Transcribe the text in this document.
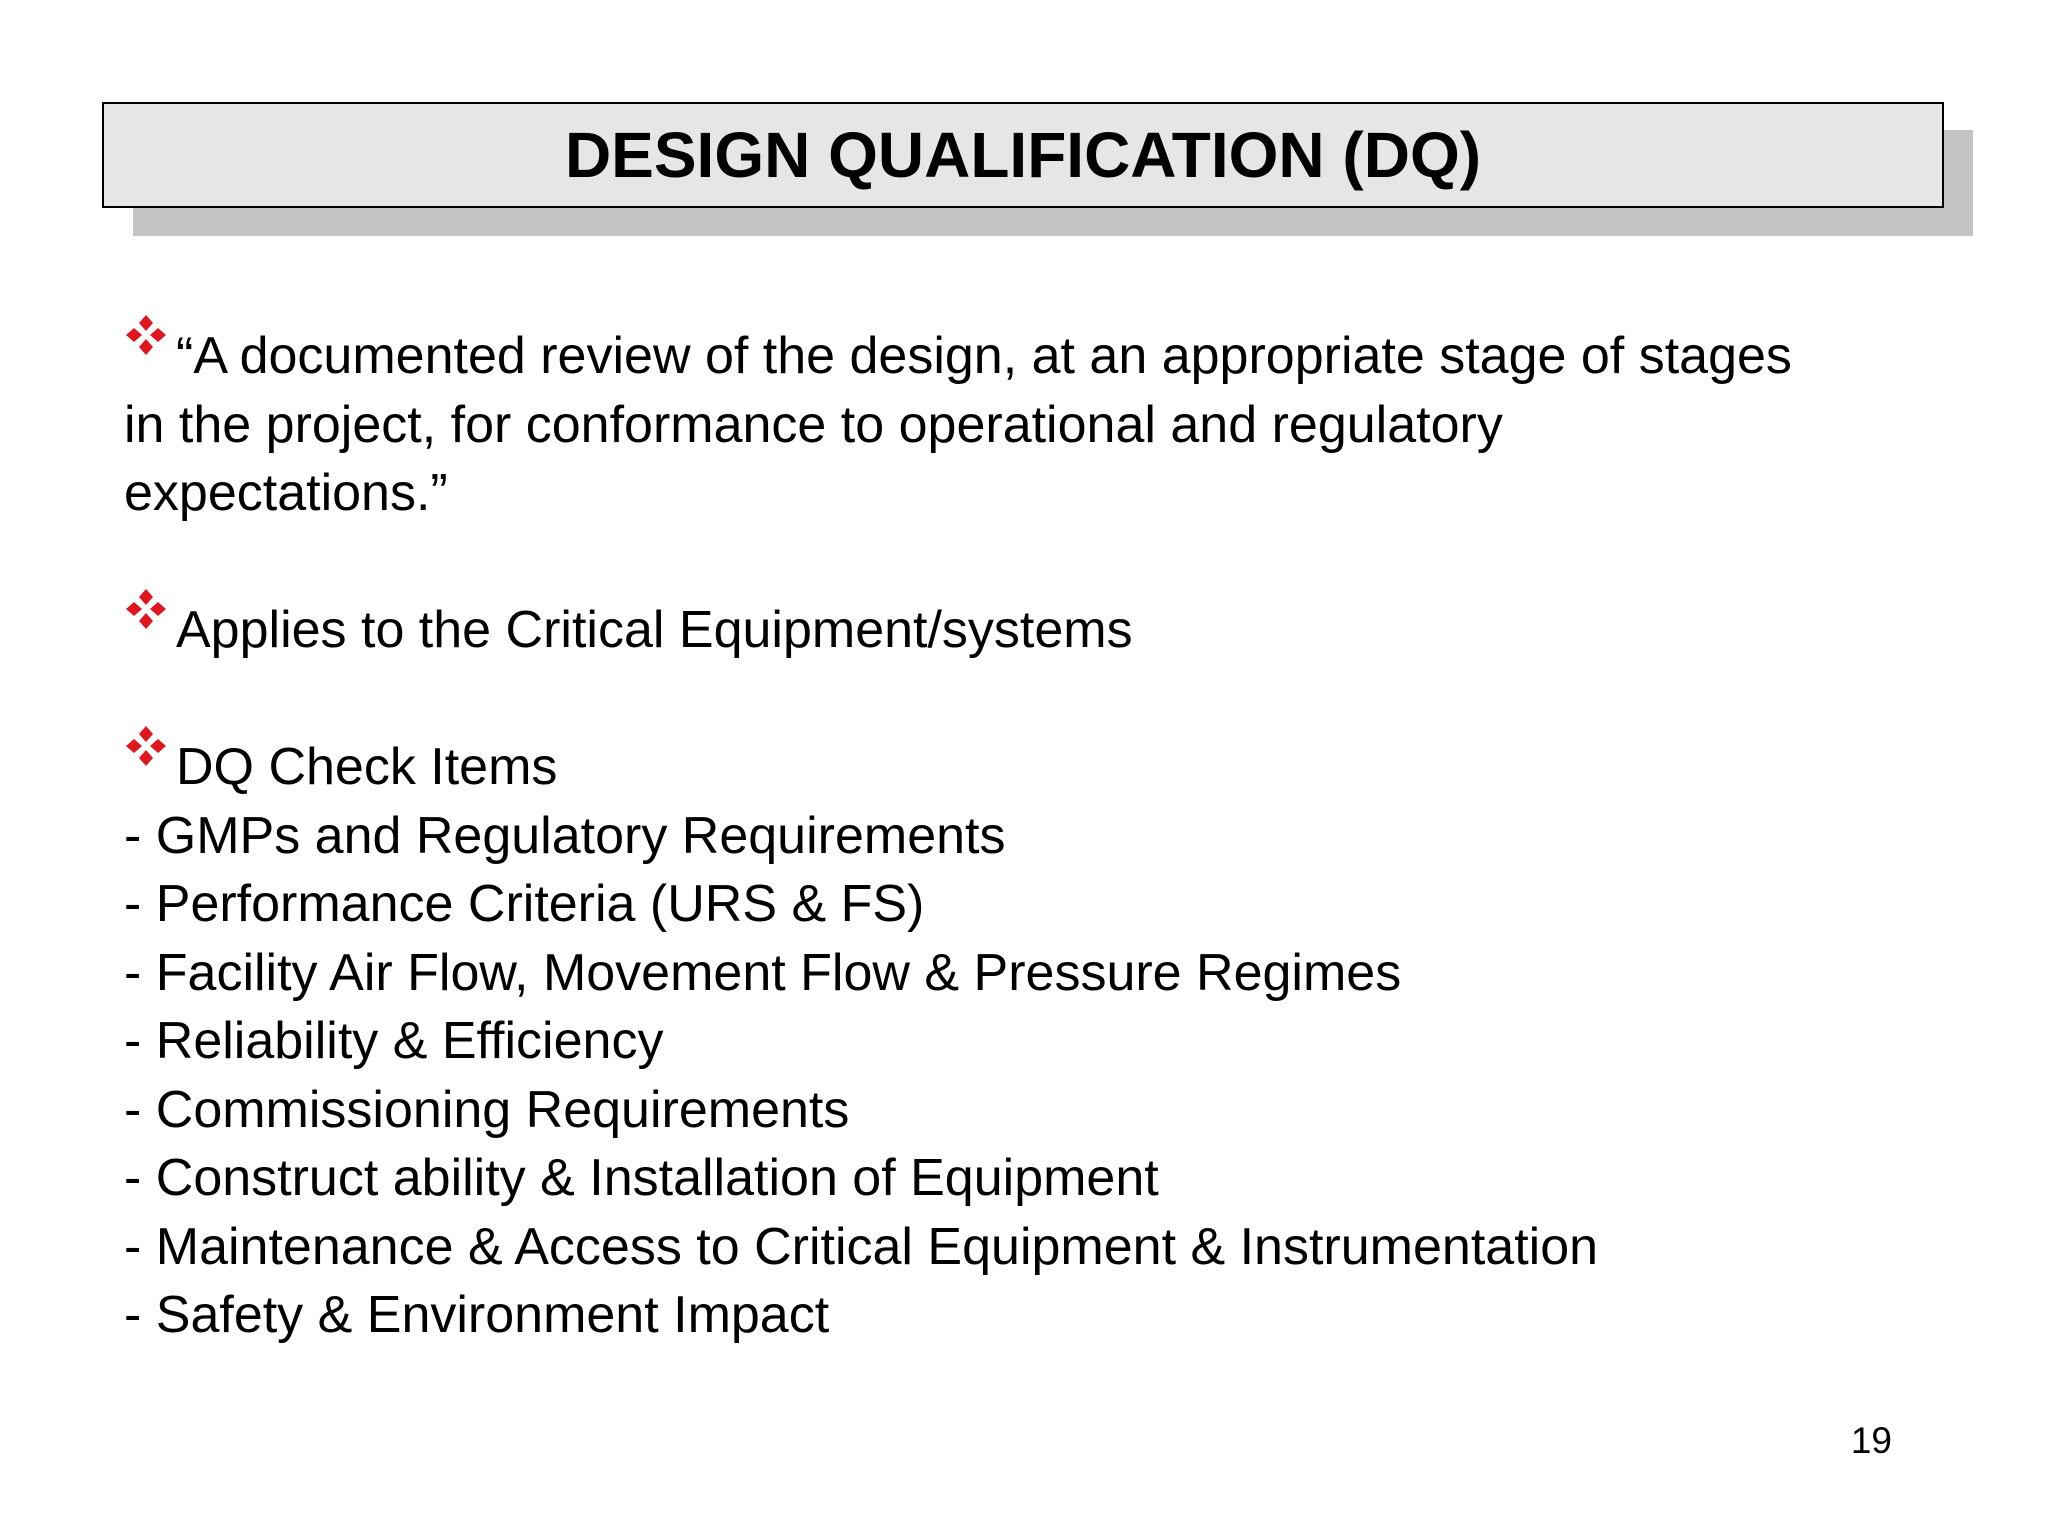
DESIGN QUALIFICATION (DQ)

“A documented review of the design, at an appropriate stage of stages
in the project, for conformance to operational and regulatory
expectations.”

Applies to the Critical Equipment/systems

DQ Check Items
- GMPs and Regulatory Requirements
- Performance Criteria (URS & FS)
- Facility Air Flow, Movement Flow & Pressure Regimes
- Reliability & Efficiency
- Commissioning Requirements
- Construct ability & Installation of Equipment
- Maintenance & Access to Critical Equipment & Instrumentation
- Safety & Environment Impact

19
